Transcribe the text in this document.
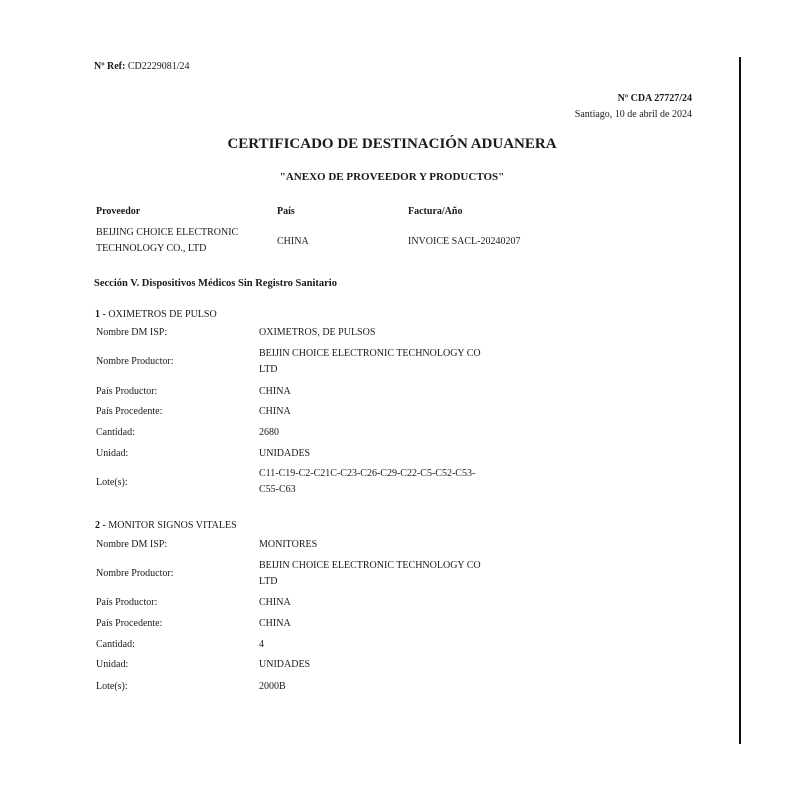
Nº Ref: CD2229081/24
Nº CDA 27727/24
Santiago, 10 de abril de 2024
CERTIFICADO DE DESTINACIÓN ADUANERA
"ANEXO DE PROVEEDOR Y PRODUCTOS"
Proveedor	País	Factura/Año
BEIJING CHOICE ELECTRONIC
TECHNOLOGY CO., LTD
CHINA	INVOICE SACL-20240207
Sección V. Dispositivos Médicos Sin Registro Sanitario
1 - OXIMETROS DE PULSO
Nombre DM ISP:	OXIMETROS, DE PULSOS
Nombre Productor:
BEIJIN CHOICE ELECTRONIC TECHNOLOGY CO
LTD
País Productor:	CHINA
País Procedente:	CHINA
Cantidad:	2680
Unidad:	UNIDADES
Lote(s):
C11-C19-C2-C21C-C23-C26-C29-C22-C5-C52-C53-
C55-C63
2 - MONITOR SIGNOS VITALES
Nombre DM ISP:	MONITORES
Nombre Productor:
BEIJIN CHOICE ELECTRONIC TECHNOLOGY CO
LTD
País Productor:	CHINA
País Procedente:	CHINA
Cantidad:	4
Unidad:	UNIDADES
Lote(s):	2000B
